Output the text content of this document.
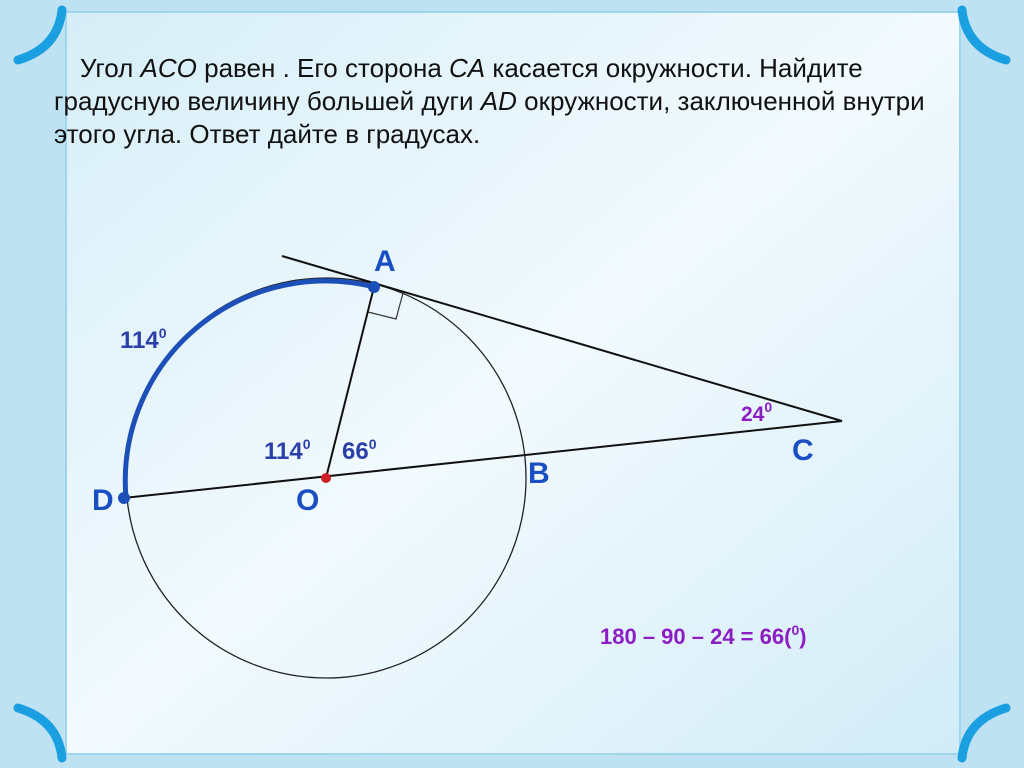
Угол ACO равен . Его сторона CA касается окружности. Найдите градусную величину большей дуги AD окружности, заключенной внутри этого угла. Ответ дайте в градусах.
A
B
C
D	O
$114^0$
$114^0$ $66^0$
$24^0$
180 – 90 – 24 = 66($^0$)
